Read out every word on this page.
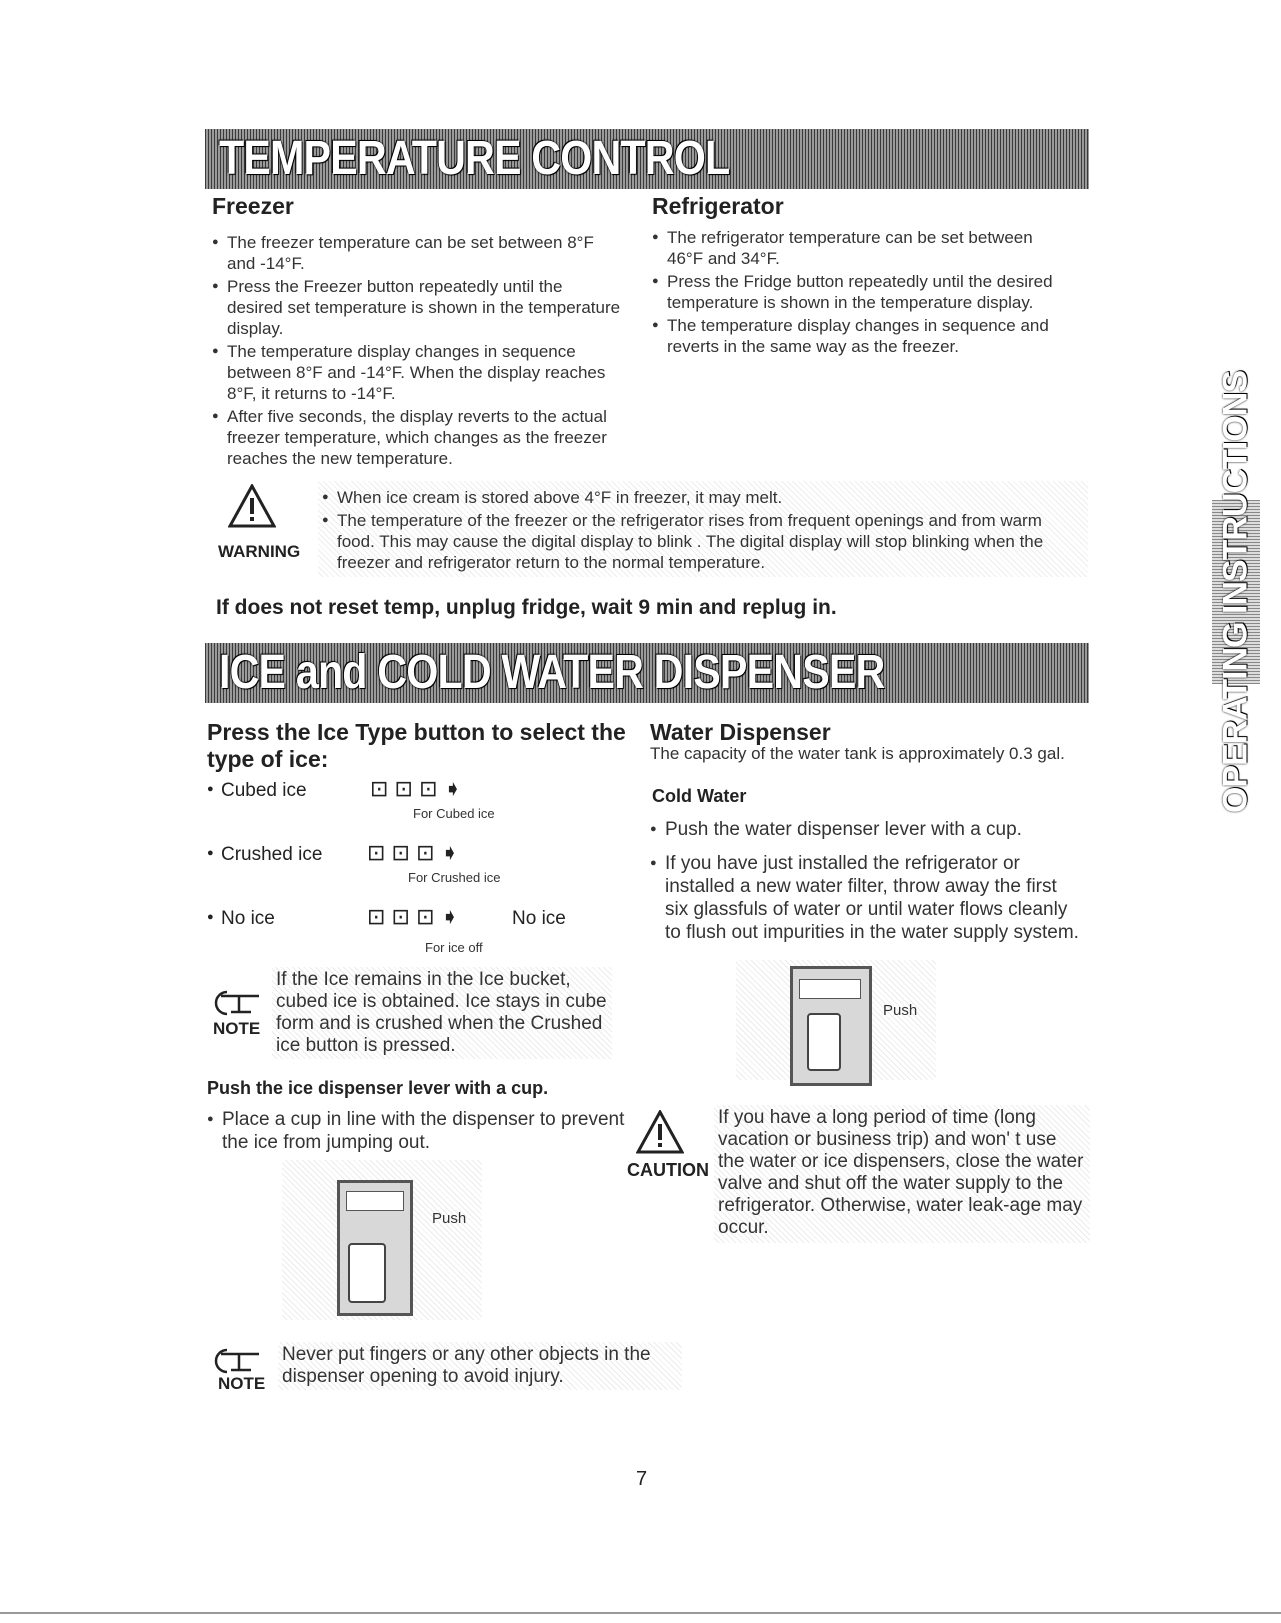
TEMPERATURE CONTROL
Freezer
● The freezer temperature can be set between 8°F and -14°F.
● Press the Freezer button repeatedly until the desired set temperature is shown in the temperature display.
● The temperature display changes in sequence between 8°F and -14°F. When the display reaches 8°F, it returns to -14°F.
● After five seconds, the display reverts to the actual freezer temperature, which changes as the freezer reaches the new temperature.
Refrigerator
● The refrigerator temperature can be set between 46°F and 34°F.
● Press the Fridge button repeatedly until the desired temperature is shown in the temperature display.
● The temperature display changes in sequence and reverts in the same way as the freezer.
WARNING
● When ice cream is stored above 4°F in freezer, it may melt.
● The temperature of the freezer or the refrigerator rises from frequent openings and from warm food. This may cause the digital display to blink . The digital display will stop blinking when the freezer and refrigerator return to the normal temperature.
If does not reset temp, unplug fridge, wait 9 min and replug in.
ICE and COLD WATER DISPENSER
Press the Ice Type button to select the type of ice:
Cubed ice	⊡ ⊡ ⊡ ➧
For Cubed ice
Crushed ice ⊡ ⊡ ⊡ ➧
For Crushed ice
No ice	⊡ ⊡ ⊡ ➧	No ice
For ice off
●
●
●
NOTE
If the Ice remains in the Ice bucket, cubed ice is obtained. Ice stays in cube form and is crushed when the Crushed ice button is pressed.
Push the ice dispenser lever with a cup.
● Place a cup in line with the dispenser to prevent the ice from jumping out.
Push
NOTE
Never put fingers or any other objects in the dispenser opening to avoid injury.
Water Dispenser
The capacity of the water tank is approximately 0.3 gal.
Cold Water
● Push the water dispenser lever with a cup.
● If you have just installed the refrigerator or installed a new water filter, throw away the first six glassfuls of water or until water flows cleanly to flush out impurities in the water supply system.
Push
CAUTION
If you have a long period of time (long vacation or business trip) and won' t use the water or ice dispensers, close the water valve and shut off the water supply to the refrigerator. Otherwise, water leak-age may occur.
OPERATING INSTRUCTIONS
7
